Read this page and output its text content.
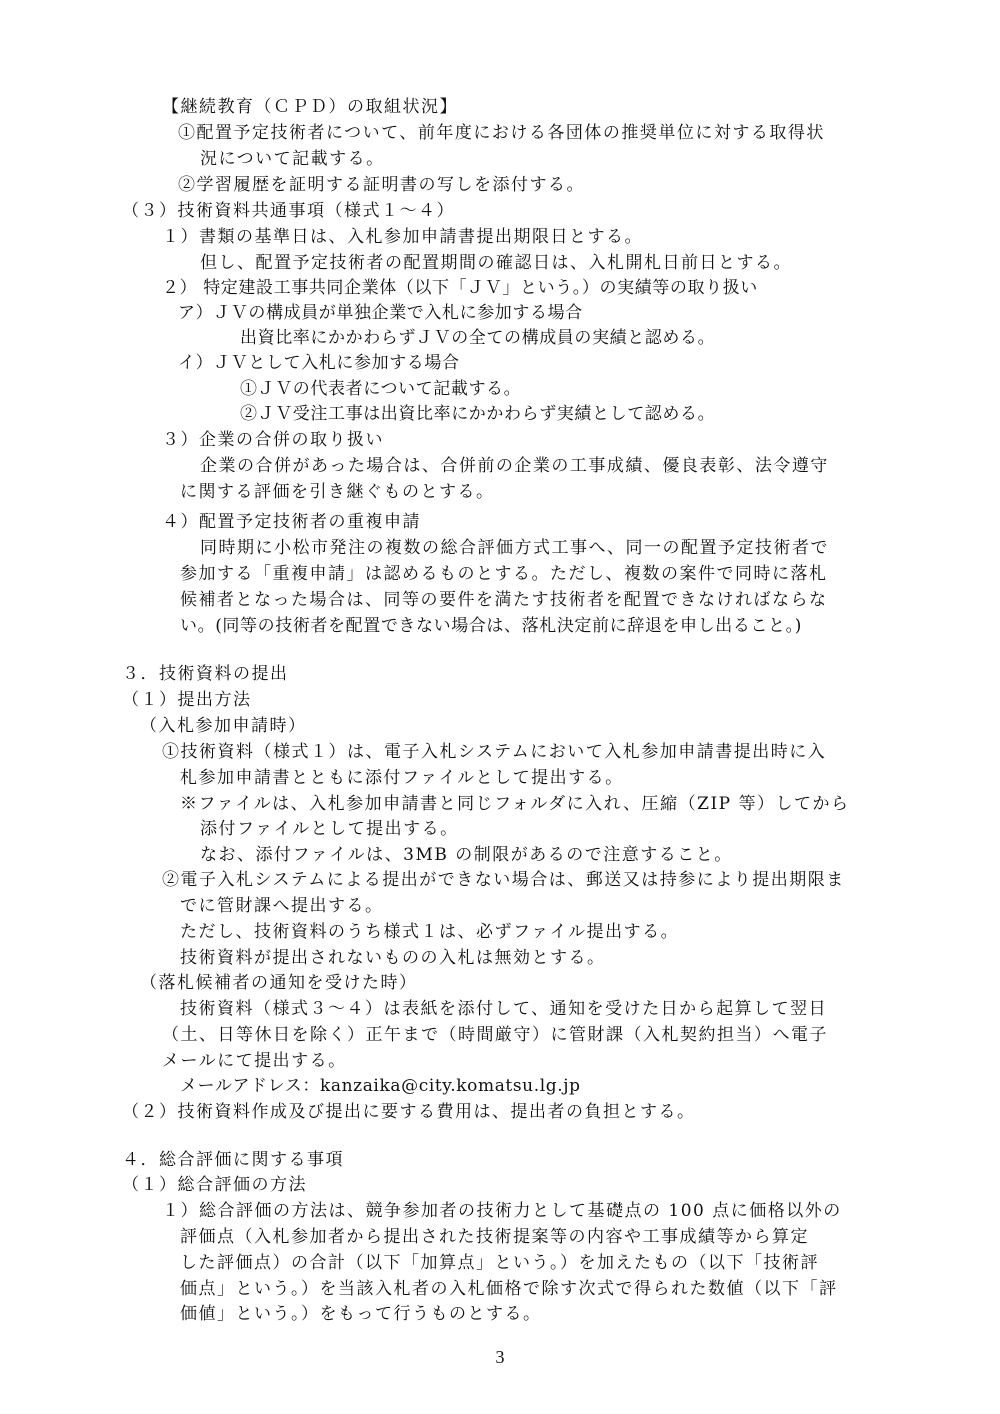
【継続教育（ＣＰＤ）の取組状況】
①配置予定技術者について、前年度における各団体の推奨単位に対する取得状
況について記載する。
②学習履歴を証明する証明書の写しを添付する。
（３）技術資料共通事項（様式１～４）
１）書類の基準日は、入札参加申請書提出期限日とする。
但し、配置予定技術者の配置期間の確認日は、入札開札日前日とする。
２） 特定建設工事共同企業体（以下「ＪＶ」という。）の実績等の取り扱い
ア）ＪＶの構成員が単独企業で入札に参加する場合
出資比率にかかわらずＪＶの全ての構成員の実績と認める。
イ）ＪＶとして入札に参加する場合
①ＪＶの代表者について記載する。
②ＪＶ受注工事は出資比率にかかわらず実績として認める。
３）企業の合併の取り扱い
企業の合併があった場合は、合併前の企業の工事成績、優良表彰、法令遵守
に関する評価を引き継ぐものとする。
４）配置予定技術者の重複申請
同時期に小松市発注の複数の総合評価方式工事へ、同一の配置予定技術者で
参加する「重複申請」は認めるものとする。ただし、複数の案件で同時に落札
候補者となった場合は、同等の要件を満たす技術者を配置できなければならな
い。(同等の技術者を配置できない場合は、落札決定前に辞退を申し出ること。)
３．技術資料の提出
（１）提出方法
（入札参加申請時）
①技術資料（様式１）は、電子入札システムにおいて入札参加申請書提出時に入
札参加申請書とともに添付ファイルとして提出する。
※ファイルは、入札参加申請書と同じフォルダに入れ、圧縮（ZIP 等）してから
添付ファイルとして提出する。
なお、添付ファイルは、3MB の制限があるので注意すること。
②電子入札システムによる提出ができない場合は、郵送又は持参により提出期限ま
でに管財課へ提出する。
ただし、技術資料のうち様式１は、必ずファイル提出する。
技術資料が提出されないものの入札は無効とする。
（落札候補者の通知を受けた時）
技術資料（様式３～４）は表紙を添付して、通知を受けた日から起算して翌日
（土、日等休日を除く）正午まで（時間厳守）に管財課（入札契約担当）へ電子
メールにて提出する。
メールアドレス：kanzaika@city.komatsu.lg.jp
（２）技術資料作成及び提出に要する費用は、提出者の負担とする。
４．総合評価に関する事項
（１）総合評価の方法
１）総合評価の方法は、競争参加者の技術力として基礎点の 100 点に価格以外の
評価点（入札参加者から提出された技術提案等の内容や工事成績等から算定
した評価点）の合計（以下「加算点」という。）を加えたもの（以下「技術評
価点」という。）を当該入札者の入札価格で除す次式で得られた数値（以下「評
価値」という。）をもって行うものとする。
3
